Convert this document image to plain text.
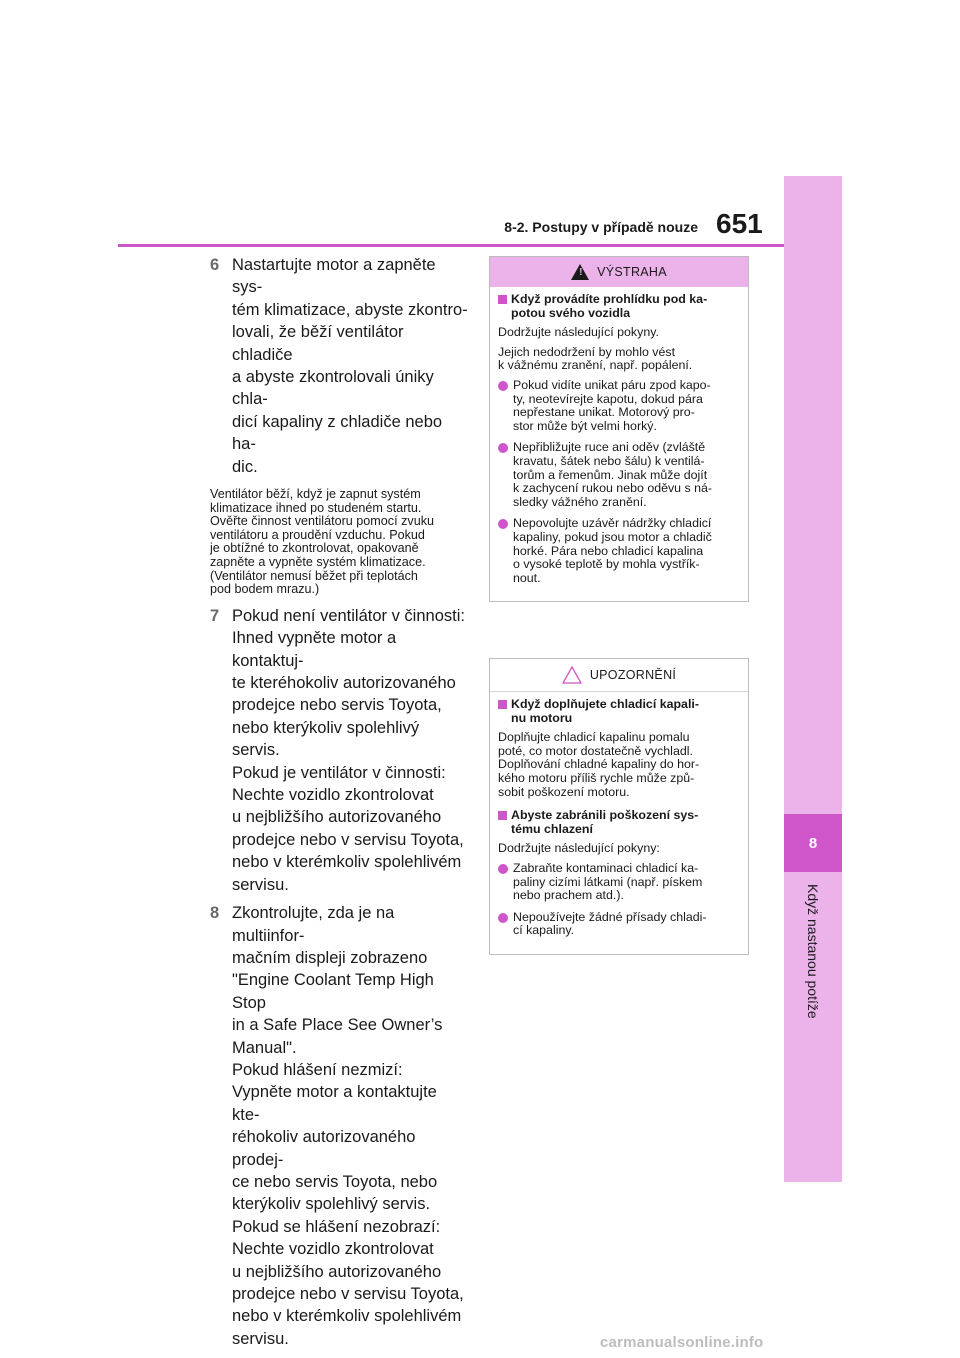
8
Když nastanou potíže
8-2. Postupy v případě nouze 651
6 Nastartujte motor a zapněte sys-

tém klimatizace, abyste zkontro-

lovali, že běží ventilátor chladiče

a abyste zkontrolovali úniky chla-

dicí kapaliny z chladiče nebo ha-

dic.

Ventilátor běží, když je zapnut systém
klimatizace ihned po studeném startu.
Ověřte činnost ventilátoru pomocí zvuku
ventilátoru a proudění vzduchu. Pokud
je obtížné to zkontrolovat, opakovaně
zapněte a vypněte systém klimatizace.
(Ventilátor nemusí běžet při teplotách
pod bodem mrazu.)
7 Pokud není ventilátor v činnosti:

Ihned vypněte motor a kontaktuj-

te kteréhokoliv autorizovaného

prodejce nebo servis Toyota,

nebo kterýkoliv spolehlivý servis.

Pokud je ventilátor v činnosti:

Nechte vozidlo zkontrolovat

u nejbližšího autorizovaného

prodejce nebo v servisu Toyota,

nebo v kterémkoliv spolehlivém

servisu.

8 Zkontrolujte, zda je na multiinfor-

mačním displeji zobrazeno

"Engine Coolant Temp High Stop

in a Safe Place See Owner’s

Manual".

Pokud hlášení nezmizí:

Vypněte motor a kontaktujte kte-

réhokoliv autorizovaného prodej-

ce nebo servis Toyota, nebo

kterýkoliv spolehlivý servis.

Pokud se hlášení nezobrazí:

Nechte vozidlo zkontrolovat

u nejbližšího autorizovaného

prodejce nebo v servisu Toyota,

nebo v kterémkoliv spolehlivém

servisu.

! VÝSTRAHA
Když provádíte prohlídku pod ka-
potou svého vozidla
Dodržujte následující pokyny.
Jejich nedodržení by mohlo vést
k vážnému zranění, např. popálení.
Pokud vidíte unikat páru zpod kapo-
ty, neotevírejte kapotu, dokud pára
nepřestane unikat. Motorový pro-
stor může být velmi horký.
Nepřibližujte ruce ani oděv (zvláště
kravatu, šátek nebo šálu) k ventilá-
torům a řemenům. Jinak může dojít
k zachycení rukou nebo oděvu s ná-
sledky vážného zranění.
Nepovolujte uzávěr nádržky chladicí
kapaliny, pokud jsou motor a chladič
horké. Pára nebo chladicí kapalina
o vysoké teplotě by mohla vystřík-
nout.
UPOZORNĚNÍ
Když doplňujete chladicí kapali-
nu motoru
Doplňujte chladicí kapalinu pomalu
poté, co motor dostatečně vychladl.
Doplňování chladné kapaliny do hor-
kého motoru příliš rychle může způ-
sobit poškození motoru.
Abyste zabránili poškození sys-
tému chlazení
Dodržujte následující pokyny:
Zabraňte kontaminaci chladicí ka-
paliny cizími látkami (např. pískem
nebo prachem atd.).
Nepoužívejte žádné přísady chladi-
cí kapaliny.
carmanualsonline.info
